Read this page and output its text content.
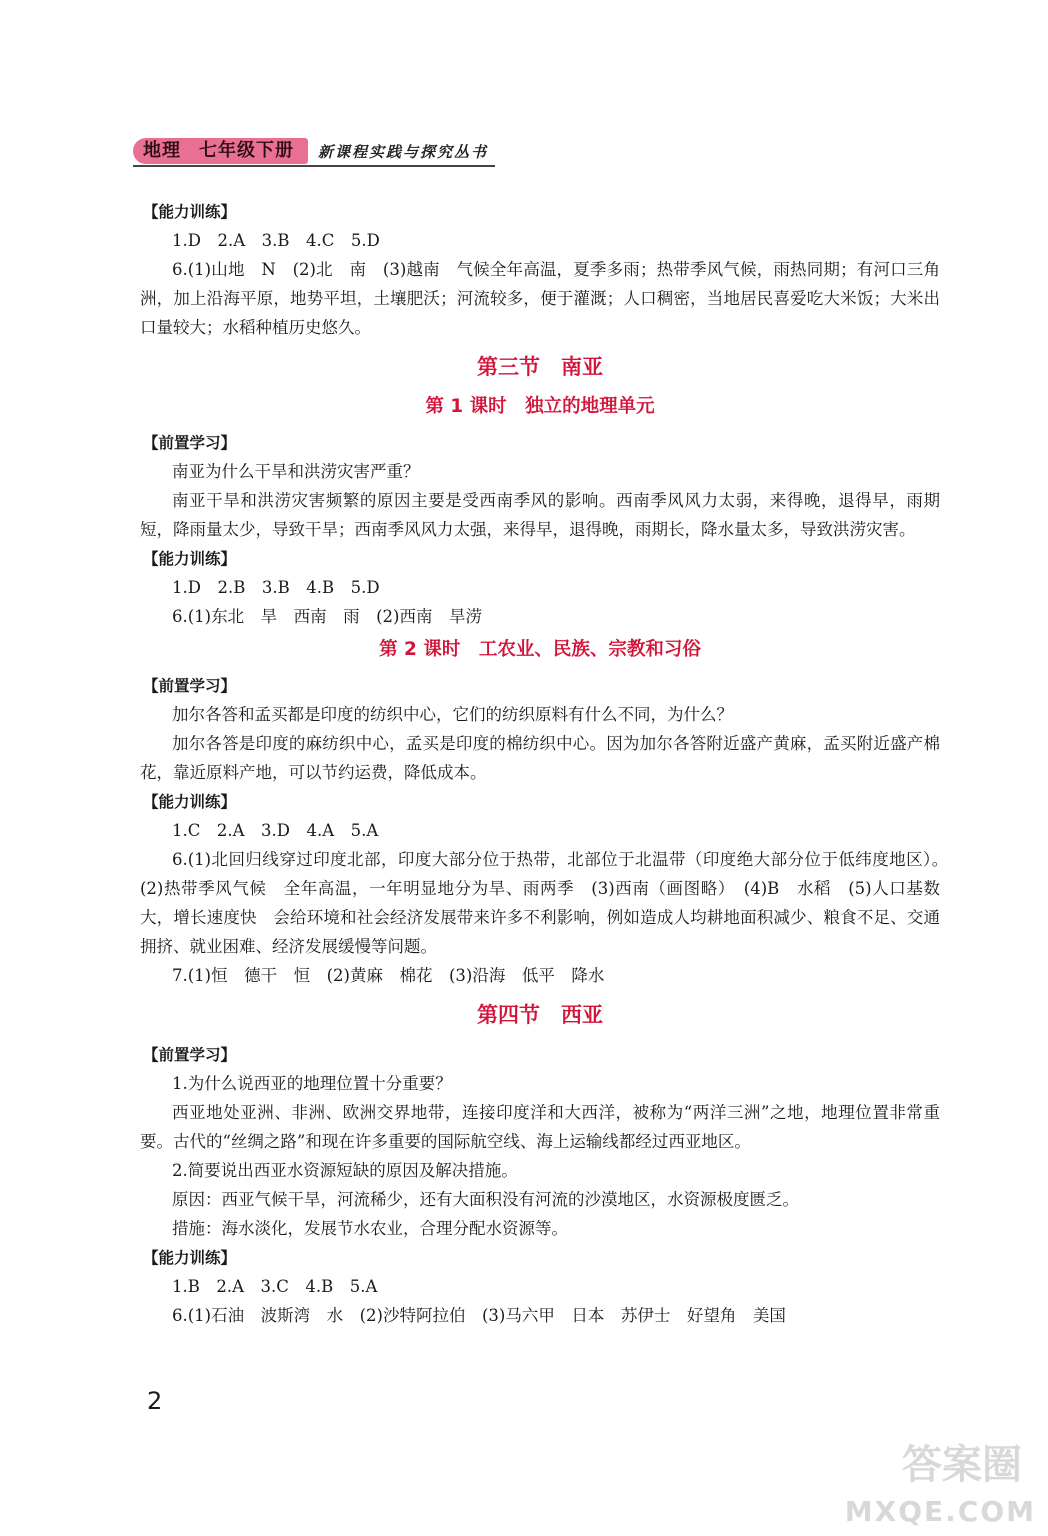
地理 七年级下册	新课程实践与探究丛书
【能力训练】

1.D　2.A　3.B　4.C　5.D

6.(1)山地　N　(2)北　南　(3)越南　气候全年高温，夏季多雨；热带季风气候，雨热同期；有河口三角洲，加上沿海平原，地势平坦，土壤肥沃；河流较多，便于灌溉；人口稠密，当地居民喜爱吃大米饭；大米出口量较大；水稻种植历史悠久。

第三节　南亚
第 1 课时　独立的地理单元
【前置学习】

南亚为什么干旱和洪涝灾害严重？

南亚干旱和洪涝灾害频繁的原因主要是受西南季风的影响。西南季风风力太弱，来得晚，退得早，雨期短，降雨量太少，导致干旱；西南季风风力太强，来得早，退得晚，雨期长，降水量太多，导致洪涝灾害。

【能力训练】

1.D　2.B　3.B　4.B　5.D

6.(1)东北　旱　西南　雨　(2)西南　旱涝

第 2 课时　工农业、民族、宗教和习俗
【前置学习】

加尔各答和孟买都是印度的纺织中心，它们的纺织原料有什么不同，为什么？

加尔各答是印度的麻纺织中心，孟买是印度的棉纺织中心。因为加尔各答附近盛产黄麻，孟买附近盛产棉花，靠近原料产地，可以节约运费，降低成本。

【能力训练】

1.C　2.A　3.D　4.A　5.A

6.(1)北回归线穿过印度北部，印度大部分位于热带，北部位于北温带（印度绝大部分位于低纬度地区）。　(2)热带季风气候　全年高温，一年明显地分为旱、雨两季　(3)西南（画图略）　(4)B　水稻　(5)人口基数大，增长速度快　会给环境和社会经济发展带来许多不利影响，例如造成人均耕地面积减少、粮食不足、交通拥挤、就业困难、经济发展缓慢等问题。

7.(1)恒　德干　恒　(2)黄麻　棉花　(3)沿海　低平　降水

第四节　西亚
【前置学习】

1.为什么说西亚的地理位置十分重要？

西亚地处亚洲、非洲、欧洲交界地带，连接印度洋和大西洋，被称为“两洋三洲”之地，地理位置非常重要。古代的“丝绸之路”和现在许多重要的国际航空线、海上运输线都经过西亚地区。

2.简要说出西亚水资源短缺的原因及解决措施。

原因：西亚气候干旱，河流稀少，还有大面积没有河流的沙漠地区，水资源极度匮乏。

措施：海水淡化，发展节水农业，合理分配水资源等。

【能力训练】

1.B　2.A　3.C　4.B　5.A

6.(1)石油　波斯湾　水　(2)沙特阿拉伯　(3)马六甲　日本　苏伊士　好望角　美国

2
答案圈
MXQE.COM
